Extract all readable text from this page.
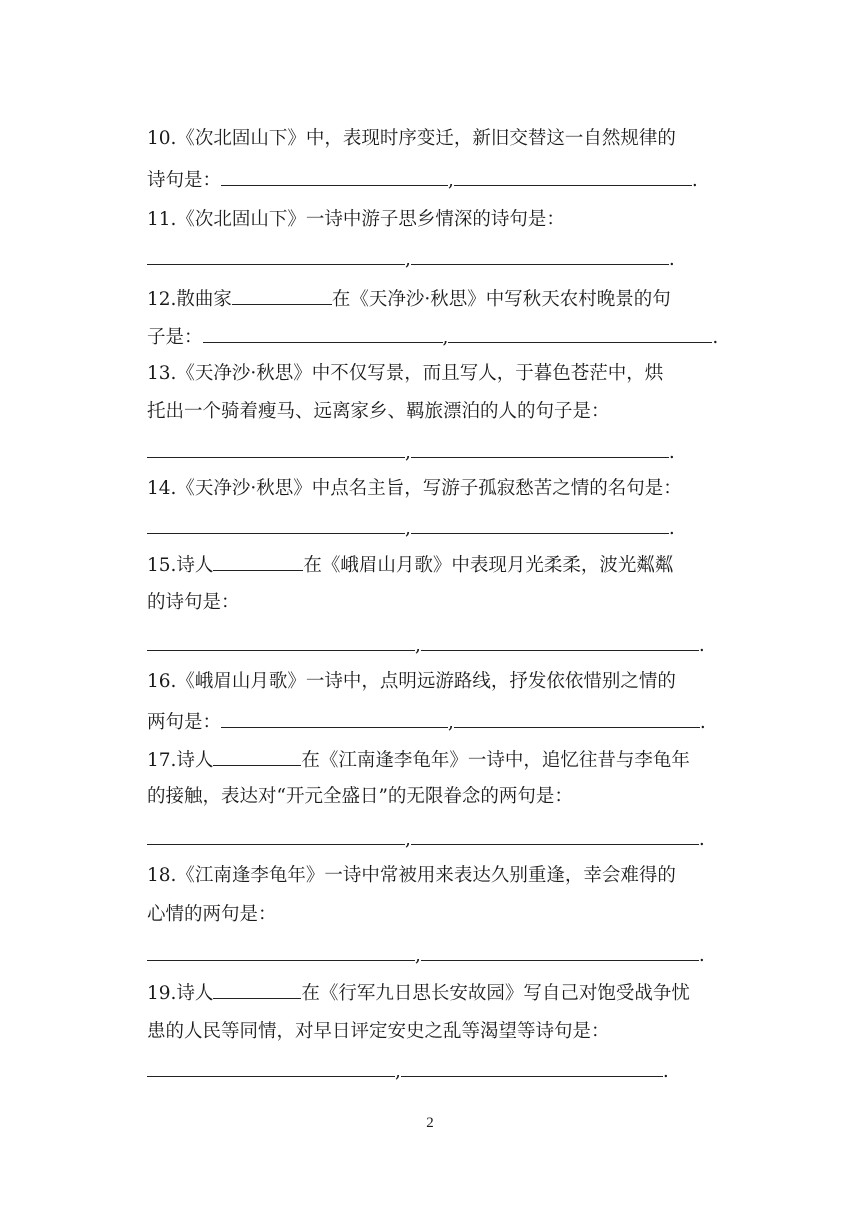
10.《次北固山下》中，表现时序变迁，新旧交替这一自然规律的
诗句是：	,	.
11.《次北固山下》一诗中游子思乡情深的诗句是：
,	.
12.散曲家	在《天净沙·秋思》中写秋天农村晚景的句
子是：	,	.
13.《天净沙·秋思》中不仅写景，而且写人，于暮色苍茫中，烘
托出一个骑着瘦马、远离家乡、羁旅漂泊的人的句子是：
,	.
14.《天净沙·秋思》中点名主旨，写游子孤寂愁苦之情的名句是：
,	.
15.诗人	在《峨眉山月歌》中表现月光柔柔，波光粼粼
的诗句是：
,	.
16.《峨眉山月歌》一诗中，点明远游路线，抒发依依惜别之情的
两句是：	,	.
17.诗人	在《江南逢李龟年》一诗中，追忆往昔与李龟年
的接触，表达对“开元全盛日”的无限眷念的两句是：
,	.
18.《江南逢李龟年》一诗中常被用来表达久别重逢，幸会难得的
心情的两句是：
,	.
19.诗人	在《行军九日思长安故园》写自己对饱受战争忧
患的人民等同情，对早日评定安史之乱等渴望等诗句是：
,	.
2
